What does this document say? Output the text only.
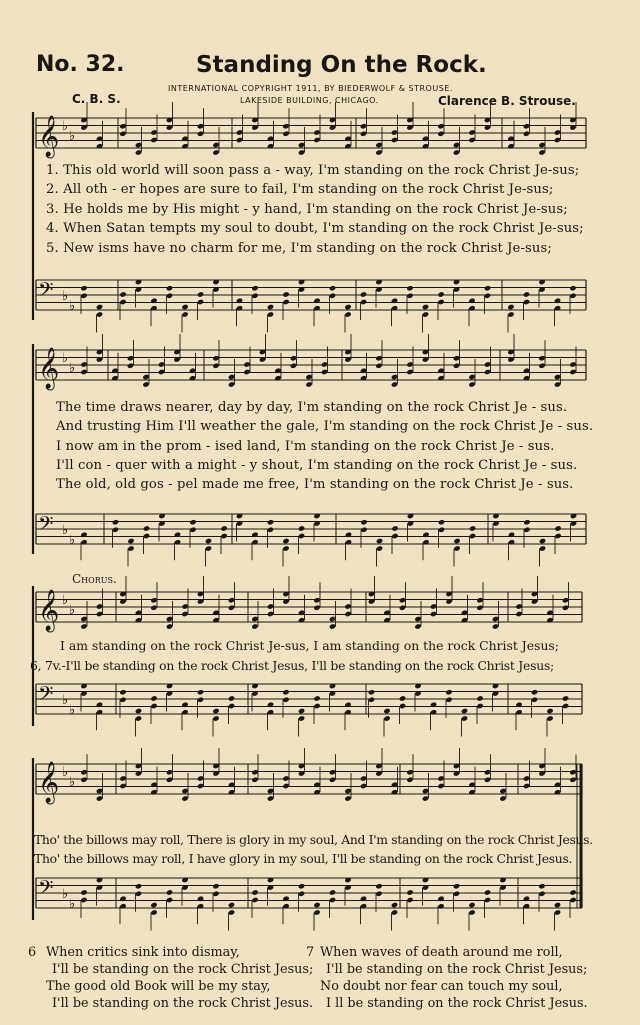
No. 32.	Standing On the Rock.
INTERNATIONAL COPYRIGHT 1911, BY BIEDERWOLF & STROUSE.
LAKESIDE BUILDING, CHICAGO.
C. B. S.	Clarence B. Strouse.
𝄞 ♭
♭
𝄢 ♭
♭
𝄞 ♭
♭
𝄢 ♭
♭
𝄞 ♭
♭
𝄢 ♭
♭
𝄞 ♭
♭
𝄢 ♭
♭
1. This old world will soon pass a - way, I'm standing on the rock Christ Je-sus;
2. All oth - er hopes are sure to fail, I'm standing on the rock Christ Je-sus;
3. He holds me by His might - y hand, I'm standing on the rock Christ Je-sus;
4. When Satan tempts my soul to doubt, I'm standing on the rock Christ Je-sus;
5. New isms have no charm for me, I'm standing on the rock Christ Je-sus;
The time draws nearer, day by day, I'm standing on the rock Christ Je - sus.
And trusting Him I'll weather the gale, I'm standing on the rock Christ Je - sus.
I now am in the prom - ised land, I'm standing on the rock Christ Je - sus.
I'll con - quer with a might - y shout, I'm standing on the rock Christ Je - sus.
The old, old gos - pel made me free, I'm standing on the rock Christ Je - sus.
Chorus.
I am standing on the rock Christ Je-sus, I am standing on the rock Christ Jesus;
6, 7v.-I'll be standing on the rock Christ Jesus, I'll be standing on the rock Christ Jesus;
Tho' the billows may roll, There is glory in my soul, And I'm standing on the rock Christ Jesus.
Tho' the billows may roll, I have glory in my soul, I'll be standing on the rock Christ Jesus.
6 When critics sink into dismay,
I'll be standing on the rock Christ Jesus;
The good old Book will be my stay,
I'll be standing on the rock Christ Jesus.
7 When waves of death around me roll,
I'll be standing on the rock Christ Jesus;
No doubt nor fear can touch my soul,
I ll be standing on the rock Christ Jesus.
